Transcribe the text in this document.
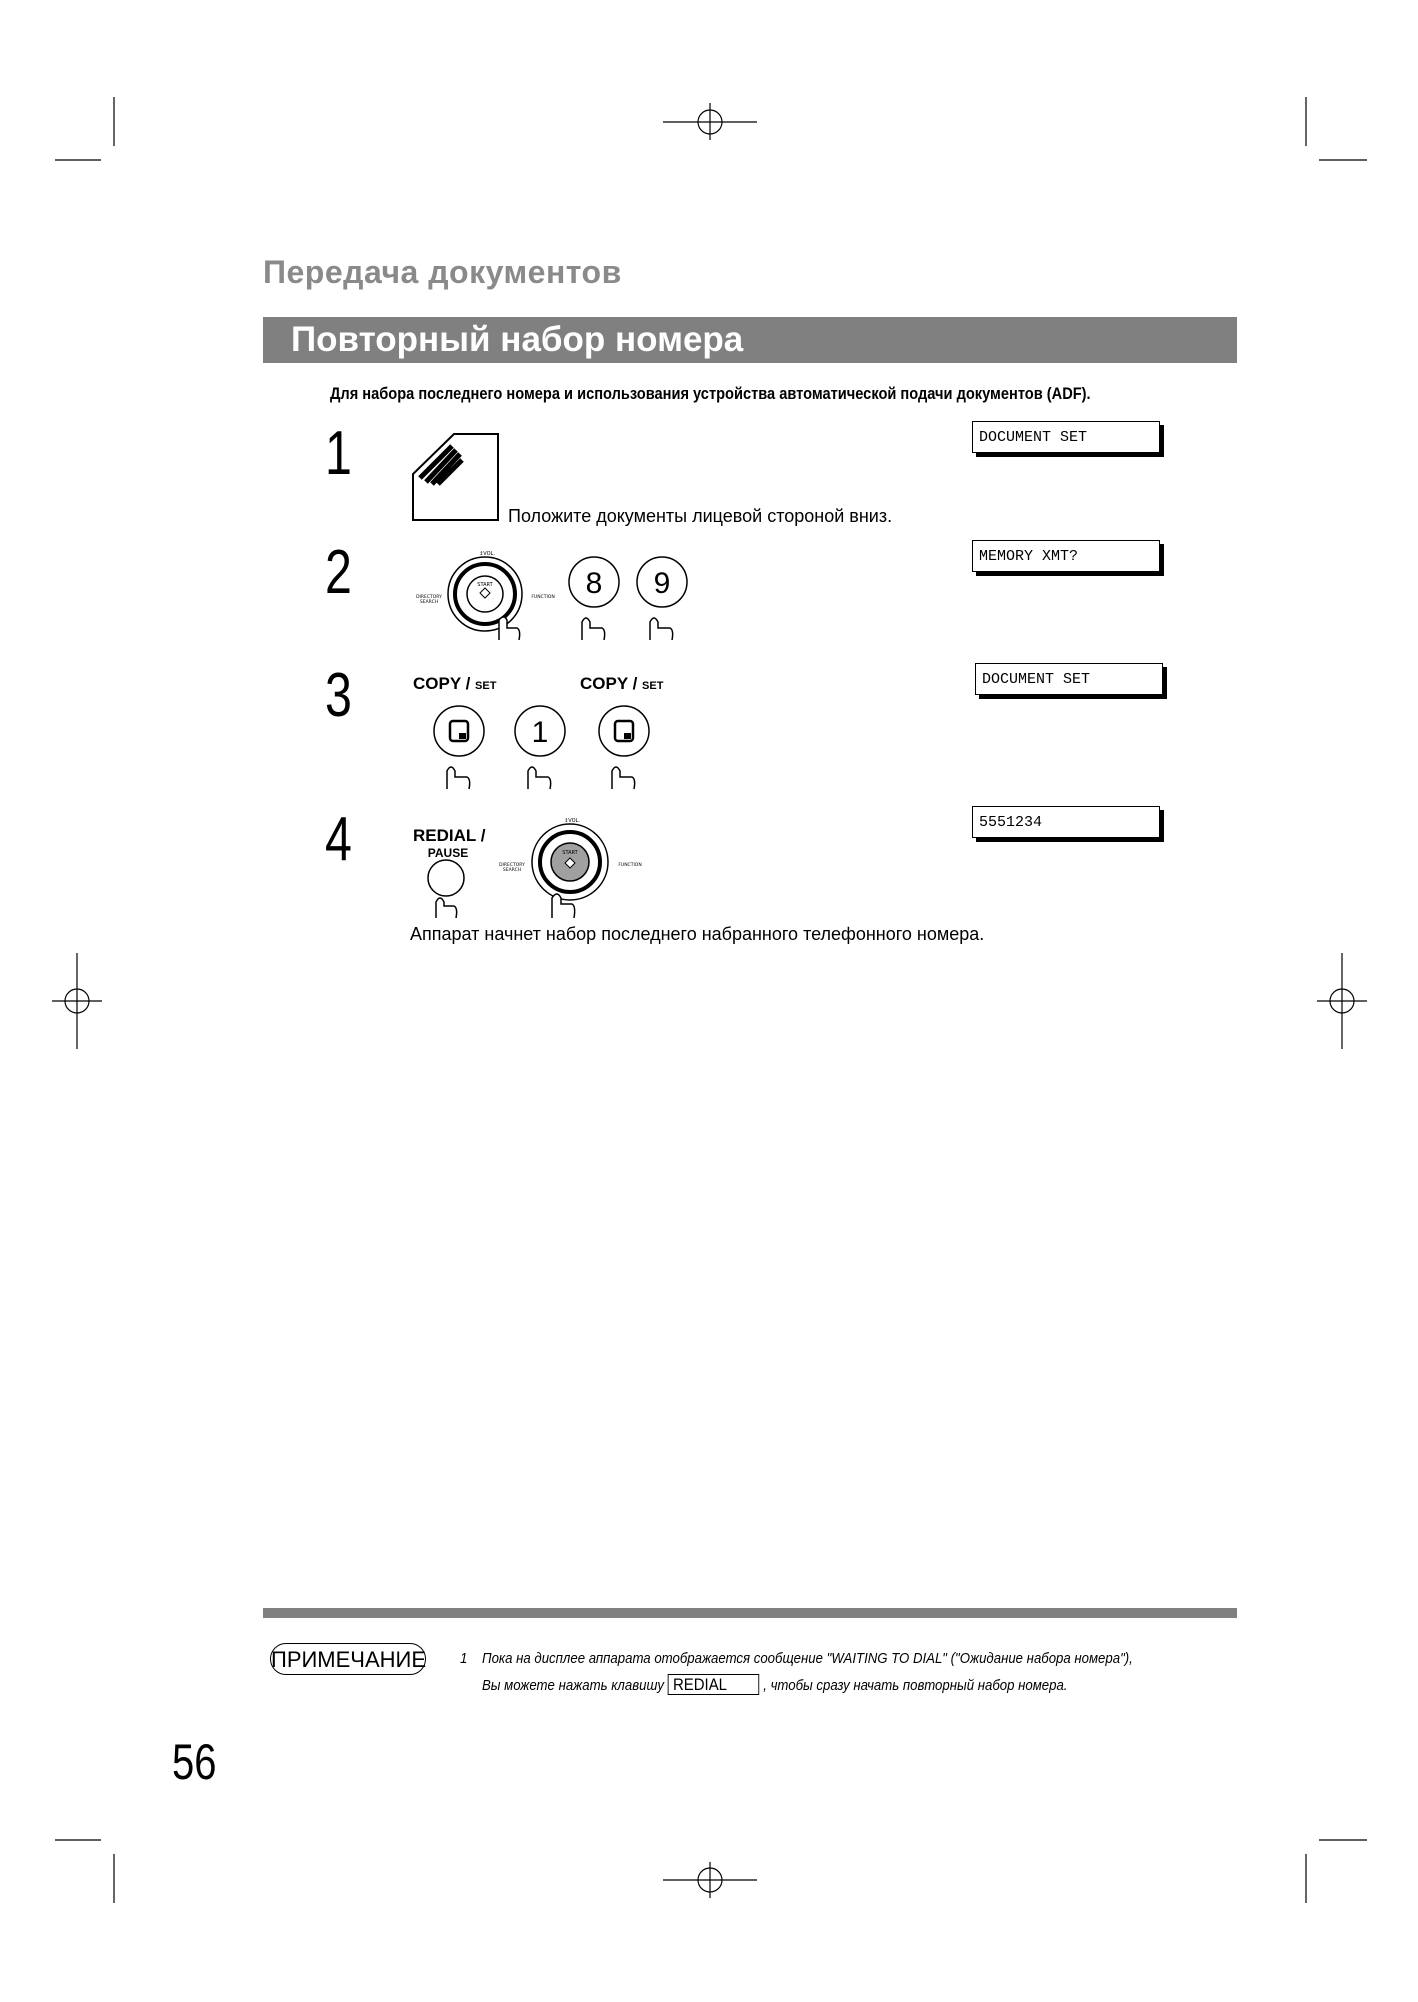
Передача документов
Повторный набор номера
Для набора последнего номера и использования устройства автоматической подачи документов (ADF).
1
Положите документы лицевой стороной вниз.
DOCUMENT SET
2	START
↕VOL.
DIRECTORY
SEARCH
FUNCTION 8 9
MEMORY XMT?
3	COPY / SET	COPY / SET
1
DOCUMENT SET
4	REDIAL /
PAUSE	START
↕VOL.
DIRECTORY
SEARCH
FUNCTION
5551234
Аппарат начнет набор последнего набранного телефонного номера.
ПРИМЕЧАНИЕ 1 Пока на дисплее аппарата отображается сообщение "WAITING TO DIAL" ("Ожидание набора номера"),
Вы можете нажать клавишу REDIAL , чтобы сразу начать повторный набор номера.
56
